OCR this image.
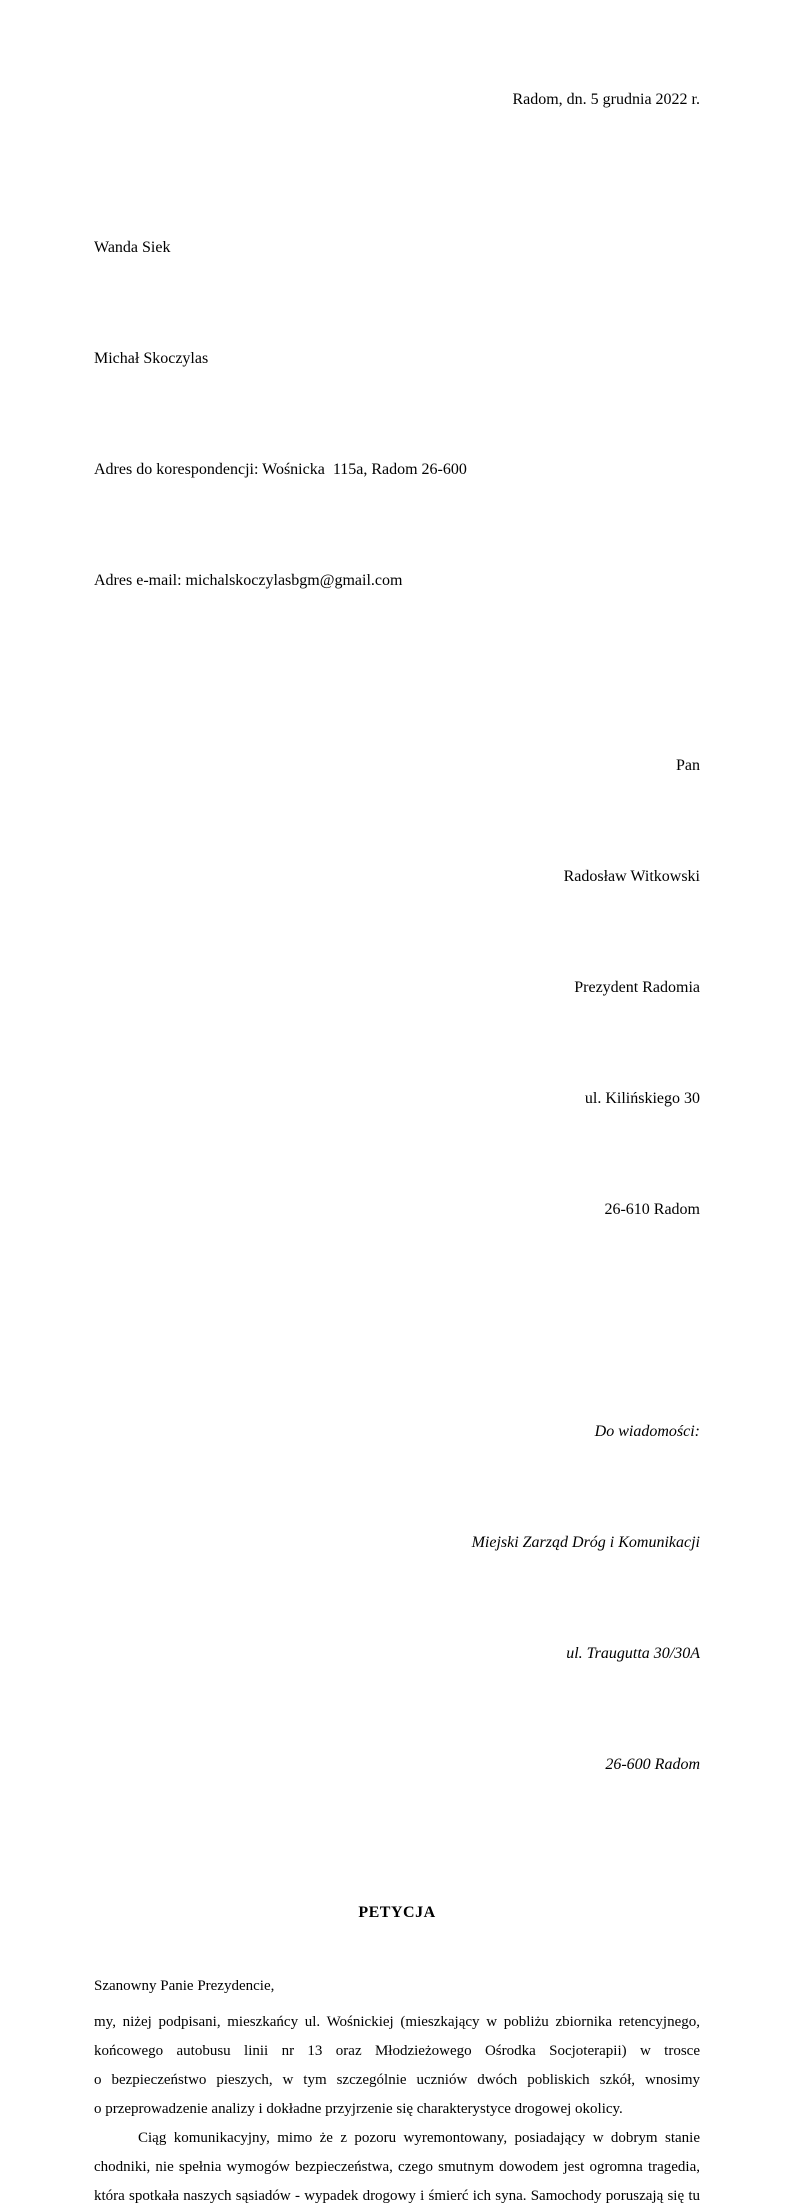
Radom, dn. 5 grudnia 2022 r.

Wanda Siek

Michał Skoczylas

Adres do korespondencji: Wośnicka  115a, Radom 26-600

Adres e-mail: michalskoczylasbgm@gmail.com

Pan

Radosław Witkowski

Prezydent Radomia

ul. Kilińskiego 30

26-610 Radom

Do wiadomości:

Miejski Zarząd Dróg i Komunikacji

ul. Traugutta 30/30A

26-600 Radom

PETYCJA
Szanowny Panie Prezydencie,
my, niżej podpisani, mieszkańcy ul. Wośnickiej (mieszkający w pobliżu zbiornika retencyjnego,
końcowego autobusu linii nr 13 oraz Młodzieżowego Ośrodka Socjoterapii) w trosce
o bezpieczeństwo pieszych, w tym szczególnie uczniów dwóch pobliskich szkół, wnosimy
o przeprowadzenie analizy i dokładne przyjrzenie się charakterystyce drogowej okolicy.
Ciąg komunikacyjny, mimo że z pozoru wyremontowany, posiadający w dobrym stanie
chodniki, nie spełnia wymogów bezpieczeństwa, czego smutnym dowodem jest ogromna tragedia,
która spotkała naszych sąsiadów - wypadek drogowy i śmierć ich syna. Samochody poruszają się tu
